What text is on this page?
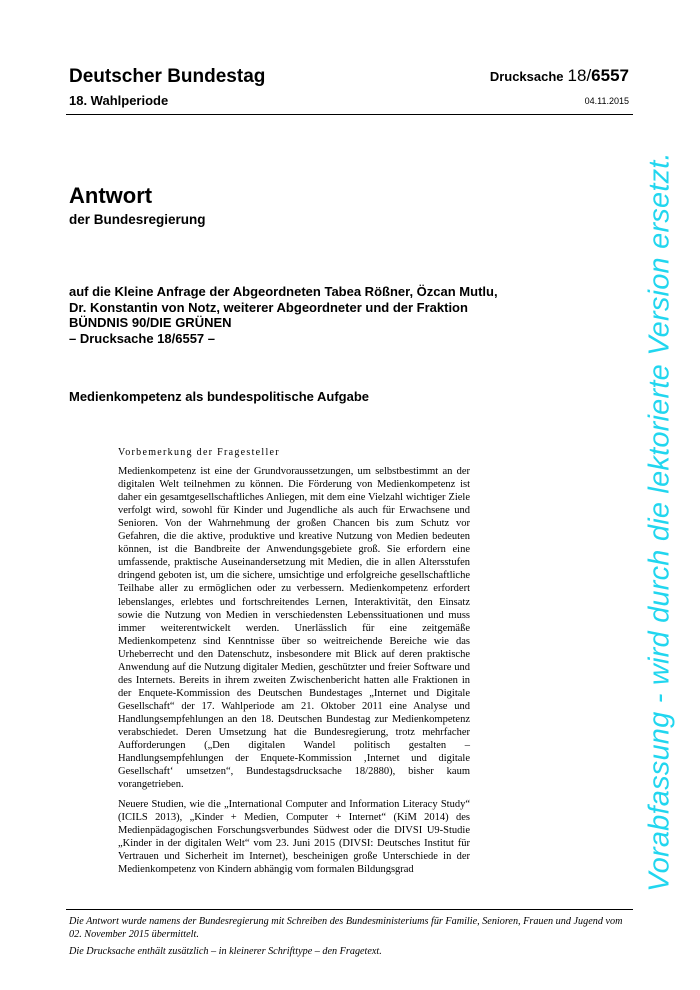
Deutscher Bundestag
18. Wahlperiode
Drucksache 18/6557
04.11.2015
Antwort
der Bundesregierung
auf die Kleine Anfrage der Abgeordneten Tabea Rößner, Özcan Mutlu,
Dr. Konstantin von Notz, weiterer Abgeordneter und der Fraktion
BÜNDNIS 90/DIE GRÜNEN
– Drucksache 18/6557 –
Medienkompetenz als bundespolitische Aufgabe

Vorbemerkung der Fragesteller

Medienkompetenz ist eine der Grundvoraussetzungen, um selbstbestimmt an der digitalen Welt teilnehmen zu können. Die Förderung von Medienkompetenz ist daher ein gesamtgesellschaftliches Anliegen, mit dem eine Vielzahl wichtiger Ziele verfolgt wird, sowohl für Kinder und Jugendliche als auch für Erwachsene und Senioren. Von der Wahrnehmung der großen Chancen bis zum Schutz vor Gefahren, die die aktive, produktive und kreative Nutzung von Medien bedeuten können, ist die Bandbreite der Anwendungsgebiete groß. Sie erfordern eine umfassende, praktische Auseinandersetzung mit Medien, die in allen Altersstufen dringend geboten ist, um die sichere, umsichtige und erfolgreiche gesellschaftliche Teilhabe aller zu ermöglichen oder zu verbessern. Medienkompetenz erfordert lebenslanges, erlebtes und fortschreitendes Lernen, Interaktivität, den Einsatz sowie die Nutzung von Medien in verschiedensten Lebenssituationen und muss immer weiterentwickelt werden. Unerlässlich für eine zeitgemäße Medienkompetenz sind Kenntnisse über so weitreichende Bereiche wie das Urheberrecht und den Datenschutz, insbesondere mit Blick auf deren praktische Anwendung auf die Nutzung digitaler Medien, geschützter und freier Software und des Internets. Bereits in ihrem zweiten Zwischenbericht hatten alle Fraktionen in der Enquete-Kommission des Deutschen Bundestages „Internet und Digitale Gesellschaft“ der 17. Wahlperiode am 21. Oktober 2011 eine Analyse und Handlungsempfehlungen an den 18. Deutschen Bundestag zur Medienkompetenz verabschiedet. Deren Umsetzung hat die Bundesregierung, trotz mehrfacher Aufforderungen („Den digitalen Wandel politisch gestalten – Handlungsempfehlungen der Enquete-Kommission ‚Internet und digitale Gesellschaft‘ umsetzen“, Bundestagsdrucksache 18/2880), bisher kaum vorangetrieben.

Neuere Studien, wie die „International Computer and Information Literacy Study“ (ICILS 2013), „Kinder + Medien, Computer + Internet“ (KiM 2014) des Medienpädagogischen Forschungsverbundes Südwest oder die DIVSI U9-Studie „Kinder in der digitalen Welt“ vom 23. Juni 2015 (DIVSI: Deutsches Institut für Vertrauen und Sicherheit im Internet), bescheinigen große Unterschiede in der Medienkompetenz von Kindern abhängig vom formalen Bildungsgrad

Die Antwort wurde namens der Bundesregierung mit Schreiben des Bundesministeriums für Familie, Senioren, Frauen und Jugend vom 02. November 2015 übermittelt.
Die Drucksache enthält zusätzlich – in kleinerer Schrifttype – den Fragetext.
Vorabfassung - wird durch die lektorierte Version ersetzt.
